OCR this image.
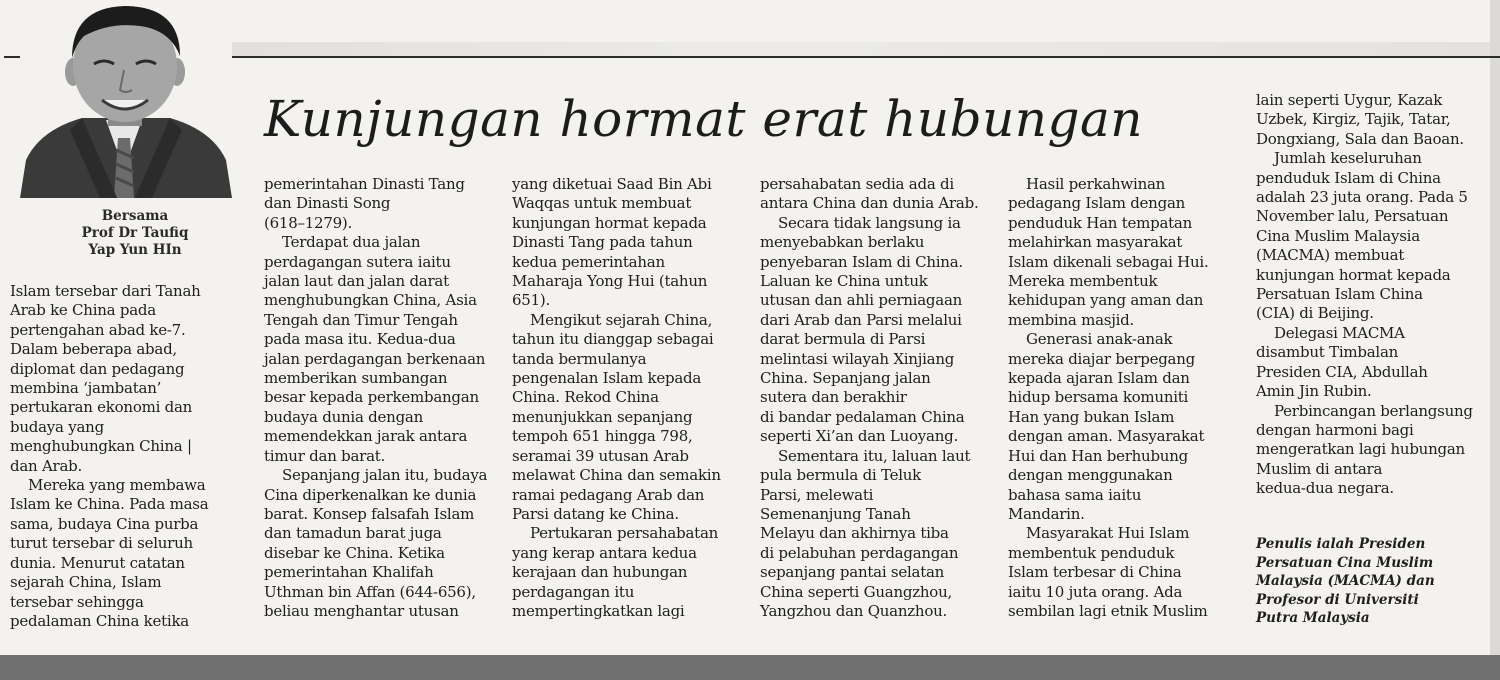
Bersama
Prof Dr Taufiq
Yap Yun HIn
Kunjungan hormat erat hubungan
Islam tersebar dari Tanah
Arab ke China pada
pertengahan abad ke-7.
Dalam beberapa abad,
diplomat dan pedagang
membina ‘jambatan’
pertukaran ekonomi dan
budaya yang
menghubungkan China |
dan Arab.
Mereka yang membawa
Islam ke China. Pada masa
sama, budaya Cina purba
turut tersebar di seluruh
dunia. Menurut catatan
sejarah China, Islam
tersebar sehingga
pedalaman China ketika
pemerintahan Dinasti Tang
dan Dinasti Song
(618–1279).
Terdapat dua jalan
perdagangan sutera iaitu
jalan laut dan jalan darat
menghubungkan China, Asia
Tengah dan Timur Tengah
pada masa itu. Kedua-dua
jalan perdagangan berkenaan
memberikan sumbangan
besar kepada perkembangan
budaya dunia dengan
memendekkan jarak antara
timur dan barat.
Sepanjang jalan itu, budaya
Cina diperkenalkan ke dunia
barat. Konsep falsafah Islam
dan tamadun barat juga
disebar ke China. Ketika
pemerintahan Khalifah
Uthman bin Affan (644-656),
beliau menghantar utusan
yang diketuai Saad Bin Abi
Waqqas untuk membuat
kunjungan hormat kepada
Dinasti Tang pada tahun
kedua pemerintahan
Maharaja Yong Hui (tahun
651).
Mengikut sejarah China,
tahun itu dianggap sebagai
tanda bermulanya
pengenalan Islam kepada
China. Rekod China
menunjukkan sepanjang
tempoh 651 hingga 798,
seramai 39 utusan Arab
melawat China dan semakin
ramai pedagang Arab dan
Parsi datang ke China.
Pertukaran persahabatan
yang kerap antara kedua
kerajaan dan hubungan
perdagangan itu
mempertingkatkan lagi
persahabatan sedia ada di
antara China dan dunia Arab.
Secara tidak langsung ia
menyebabkan berlaku
penyebaran Islam di China.
Laluan ke China untuk
utusan dan ahli perniagaan
dari Arab dan Parsi melalui
darat bermula di Parsi
melintasi wilayah Xinjiang
China. Sepanjang jalan
sutera dan berakhir
di bandar pedalaman China
seperti Xi’an dan Luoyang.
Sementara itu, laluan laut
pula bermula di Teluk
Parsi, melewati
Semenanjung Tanah
Melayu dan akhirnya tiba
di pelabuhan perdagangan
sepanjang pantai selatan
China seperti Guangzhou,
Yangzhou dan Quanzhou.
Hasil perkahwinan
pedagang Islam dengan
penduduk Han tempatan
melahirkan masyarakat
Islam dikenali sebagai Hui.
Mereka membentuk
kehidupan yang aman dan
membina masjid.
Generasi anak-anak
mereka diajar berpegang
kepada ajaran Islam dan
hidup bersama komuniti
Han yang bukan Islam
dengan aman. Masyarakat
Hui dan Han berhubung
dengan menggunakan
bahasa sama iaitu
Mandarin.
Masyarakat Hui Islam
membentuk penduduk
Islam terbesar di China
iaitu 10 juta orang. Ada
sembilan lagi etnik Muslim
lain seperti Uygur, Kazak
Uzbek, Kirgiz, Tajik, Tatar,
Dongxiang, Sala dan Baoan.
Jumlah keseluruhan
penduduk Islam di China
adalah 23 juta orang. Pada 5
November lalu, Persatuan
Cina Muslim Malaysia
(MACMA) membuat
kunjungan hormat kepada
Persatuan Islam China
(CIA) di Beijing.
Delegasi MACMA
disambut Timbalan
Presiden CIA, Abdullah
Amin Jin Rubin.
Perbincangan berlangsung
dengan harmoni bagi
mengeratkan lagi hubungan
Muslim di antara
kedua-dua negara.
Penulis ialah Presiden
Persatuan Cina Muslim
Malaysia (MACMA) dan
Profesor di Universiti
Putra Malaysia
